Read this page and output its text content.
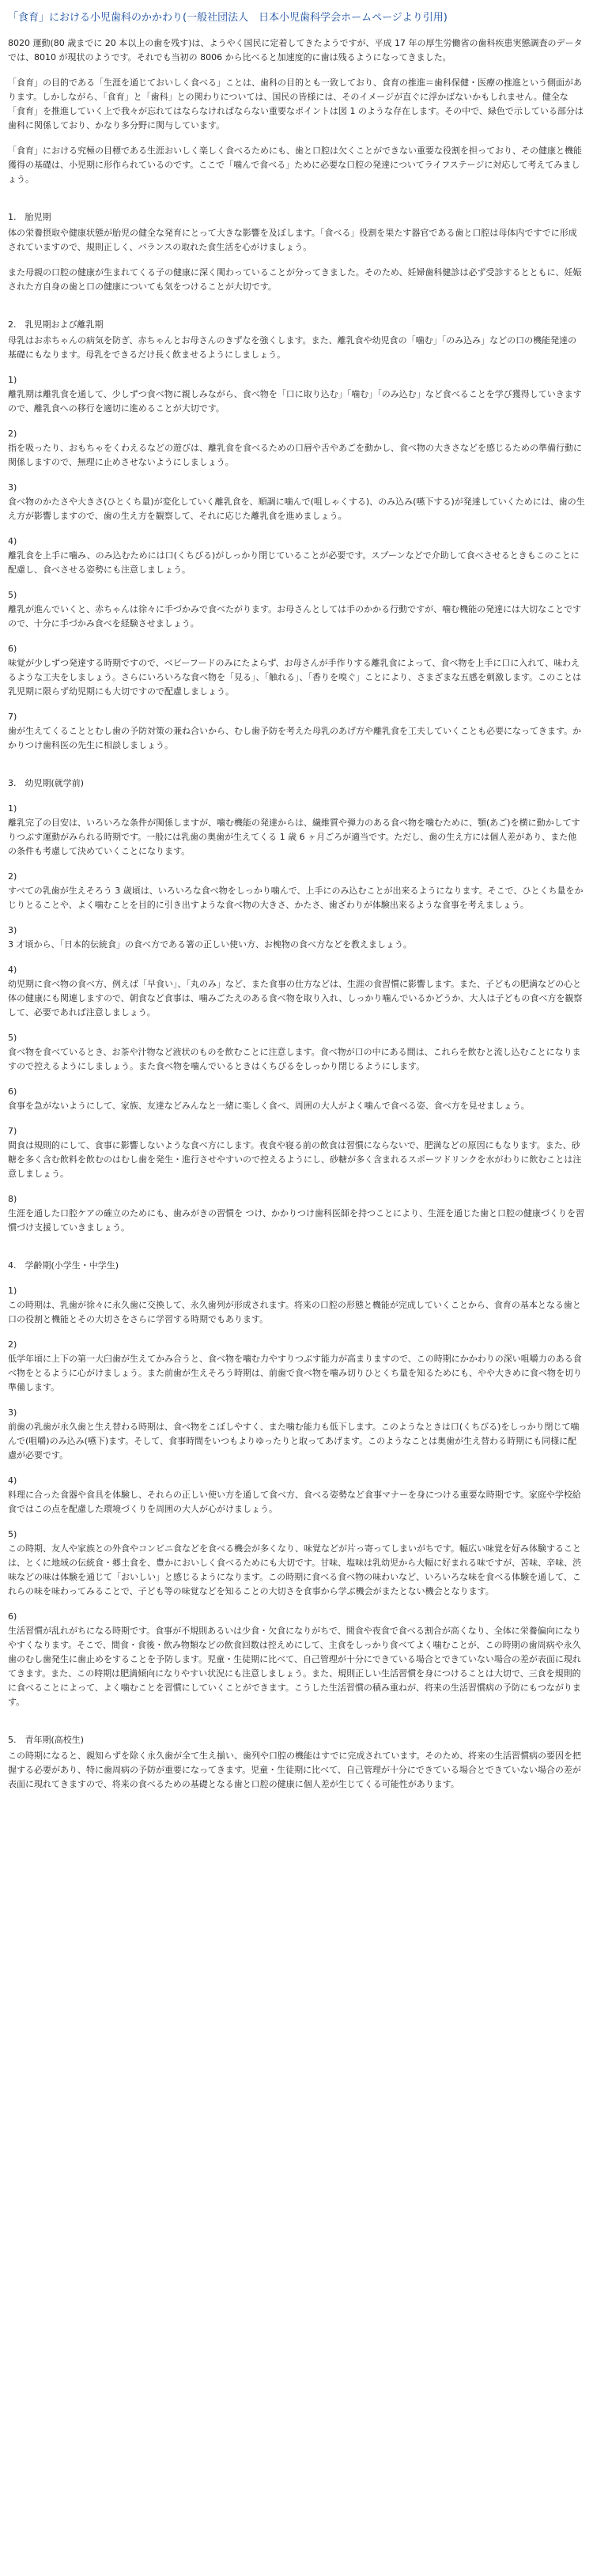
「食育」における小児歯科のかかわり(一般社団法人　日本小児歯科学会ホームページより引用)

8020 運動(80 歳までに 20 本以上の歯を残す)は、ようやく国民に定着してきたようですが、平成 17 年の厚生労働省の歯科疾患実態調査のデータでは、8010 が現状のようです。それでも当初の 8006 から比べると加速度的に歯は残るようになってきました。

「食育」の目的である「生涯を通じておいしく食べる」ことは、歯科の目的とも一致しており、食育の推進＝歯科保健・医療の推進という側面があります。しかしながら、「食育」と「歯科」との関わりについては、国民の皆様には、そのイメージが直ぐに浮かばないかもしれません。健全な「食育」を推進していく上で我々が忘れてはならなければならない重要なポイントは図 1 のような存在します。その中で、緑色で示している部分は歯科に関係しており、かなり多分野に関与しています。

「食育」における究極の目標である生涯おいしく楽しく食べるためにも、歯と口腔は欠くことができない重要な役割を担っており、その健康と機能獲得の基礎は、小児期に形作られているのです。ここで「噛んで食べる」ために必要な口腔の発達についてライフステージに対応して考えてみましょう。

1.　胎児期

体の栄養摂取や健康状態が胎児の健全な発育にとって大きな影響を及ぼします。「食べる」役割を果たす器官である歯と口腔は母体内ですでに形成されていますので、規則正しく、バランスの取れた食生活を心がけましょう。

また母親の口腔の健康が生まれてくる子の健康に深く関わっていることが分ってきました。そのため、妊婦歯科健診は必ず受診するとともに、妊娠された方自身の歯と口の健康についても気をつけることが大切です。

2.　乳児期および離乳期

母乳はお赤ちゃんの病気を防ぎ、赤ちゃんとお母さんのきずなを強くします。また、離乳食や幼児食の「噛む」「のみ込み」などの口の機能発達の基礎にもなります。母乳をできるだけ長く飲ませるようにしましょう。

1)

離乳期は離乳食を通して、少しずつ食べ物に親しみながら、食べ物を「口に取り込む」「噛む」「のみ込む」など食べることを学び獲得していきますので、離乳食への移行を適切に進めることが大切です。

2)

指を吸ったり、おもちゃをくわえるなどの遊びは、離乳食を食べるための口唇や舌やあごを動かし、食べ物の大きさなどを感じるための準備行動に関係しますので、無理に止めさせないようにしましょう。

3)

食べ物のかたさや大きさ(ひとくち量)が変化していく離乳食を、順調に噛んで(咀しゃくする)、のみ込み(嚥下する)が発達していくためには、歯の生え方が影響しますので、歯の生え方を観察して、それに応じた離乳食を進めましょう。

4)

離乳食を上手に噛み、のみ込むためには口(くちびる)がしっかり閉じていることが必要です。スプーンなどで介助して食べさせるときもこのことに配慮し、食べさせる姿勢にも注意しましょう。

5)

離乳が進んでいくと、赤ちゃんは徐々に手づかみで食べたがります。お母さんとしては手のかかる行動ですが、噛む機能の発達には大切なことですので、十分に手づかみ食べを経験させましょう。

6)

味覚が少しずつ発達する時期ですので、ベビーフードのみにたよらず、お母さんが手作りする離乳食によって、食べ物を上手に口に入れて、味わえるような工夫をしましょう。さらにいろいろな食べ物を「見る」、「触れる」、「香りを嗅ぐ」ことにより、さまざまな五感を刺激します。このことは乳児期に限らず幼児期にも大切ですので配慮しましょう。

7)

歯が生えてくることとむし歯の予防対策の兼ね合いから、むし歯予防を考えた母乳のあげ方や離乳食を工夫していくことも必要になってきます。かかりつけ歯科医の先生に相談しましょう。

3.　幼児期(就学前)
1)

離乳完了の目安は、いろいろな条件が関係しますが、噛む機能の発達からは、繊維質や弾力のある食べ物を噛むために、顎(あご)を横に動かしてすりつぶす運動がみられる時期です。一般には乳歯の奥歯が生えてくる 1 歳 6 ヶ月ごろが適当です。ただし、歯の生え方には個人差があり、また他の条件も考慮して決めていくことになります。

2)

すべての乳歯が生えそろう 3 歳頃は、いろいろな食べ物をしっかり噛んで、上手にのみ込むことが出来るようになります。そこで、ひとくち量をかじりとることや、よく噛むことを目的に引き出すような食べ物の大きさ、かたさ、歯ざわりが体験出来るような食事を考えましょう。

3)

3 才頃から、「日本的伝統食」の食べ方である箸の正しい使い方、お椀物の食べ方などを教えましょう。

4)

幼児期に食べ物の食べ方、例えば「早食い」、「丸のみ」など、また食事の仕方などは、生涯の食習慣に影響します。また、子どもの肥満などの心と体の健康にも関連しますので、朝食など食事は、噛みごたえのある食べ物を取り入れ、しっかり噛んでいるかどうか、大人は子どもの食べ方を観察して、必要であれば注意しましょう。

5)

食べ物を食べているとき、お茶や汁物など液状のものを飲むことに注意します。食べ物が口の中にある間は、これらを飲むと流し込むことになりますので控えるようにしましょう。また食べ物を噛んでいるときはくちびるをしっかり閉じるようにします。

6)

食事を急がないようにして、家族、友達などみんなと一緒に楽しく食べ、周囲の大人がよく噛んで食べる姿、食べ方を見せましょう。

7)

間食は規則的にして、食事に影響しないような食べ方にします。夜食や寝る前の飲食は習慣にならないで、肥満などの原因にもなります。また、砂糖を多く含む飲料を飲むのはむし歯を発生・進行させやすいので控えるようにし、砂糖が多く含まれるスポーツドリンクを水がわりに飲むことは注意しましょう。

8)

生涯を通した口腔ケアの確立のためにも、歯みがきの習慣を つけ、かかりつけ歯科医師を持つことにより、生涯を通じた歯と口腔の健康づくりを習慣づけ支援していきましょう。

4.　学齢期(小学生・中学生)
1)

この時期は、乳歯が徐々に永久歯に交換して、永久歯列が形成されます。将来の口腔の形態と機能が完成していくことから、食育の基本となる歯と口の役割と機能とその大切さをさらに学習する時期でもあります。

2)

低学年頃に上下の第一大臼歯が生えてかみ合うと、食べ物を噛む力やすりつぶす能力が高まりますので、この時期にかかわりの深い咀嚼力のある食べ物をとるように心がけましょう。また前歯が生えそろう時期は、前歯で食べ物を噛み切りひとくち量を知るためにも、やや大きめに食べ物を切り準備します。

3)

前歯の乳歯が永久歯と生え替わる時期は、食べ物をこぼしやすく、また噛む能力も低下します。このようなときは口(くちびる)をしっかり閉じて噛んで(咀嚼)のみ込み(嚥下)ます。そして、食事時間をいつもよりゆったりと取ってあげます。このようなことは奥歯が生え替わる時期にも同様に配慮が必要です。

4)

料理に合った食器や食具を体験し、それらの正しい使い方を通して食べ方、食べる姿勢など食事マナーを身につける重要な時期です。家庭や学校給食ではこの点を配慮した環境づくりを周囲の大人が心がけましょう。

5)

この時期、友人や家族との外食やコンビニ食などを食べる機会が多くなり、味覚などが片っ寄ってしまいがちです。幅広い味覚を好み体験することは、とくに地域の伝統食・郷土食を、豊かにおいしく食べるためにも大切です。甘味、塩味は乳幼児から大幅に好まれる味ですが、苦味、辛味、渋味などの味は体験を通じて「おいしい」と感じるようになります。この時期に食べる食べ物の味わいなど、いろいろな味を食べる体験を通して、これらの味を味わってみることで、子ども等の味覚などを知ることの大切さを食事から学ぶ機会がまたとない機会となります。

6)

生活習慣が乱れがちになる時期です。食事が不規則あるいは少食・欠食になりがちで、間食や夜食で食べる割合が高くなり、全体に栄養偏向になりやすくなります。そこで、間食・食後・飲み物類などの飲食回数は控えめにして、主食をしっかり食べてよく噛むことが、この時期の歯周病や永久歯のむし歯発生に歯止めをすることを予防します。児童・生徒期に比べて、自己管理が十分にできている場合とできていない場合の差が表面に現れてきます。また、この時期は肥満傾向になりやすい状況にも注意しましょう。また、規則正しい生活習慣を身につけることは大切で、三食を規則的に食べることによって、よく噛むことを習慣にしていくことができます。こうした生活習慣の積み重ねが、将来の生活習慣病の予防にもつながります。

5.　青年期(高校生)

この時期になると、親知らずを除く永久歯が全て生え揃い、歯列や口腔の機能はすでに完成されています。そのため、将来の生活習慣病の要因を把握する必要があり、特に歯周病の予防が重要になってきます。児童・生徒期に比べて、自己管理が十分にできている場合とできていない場合の差が表面に現れてきますので、将来の食べるための基礎となる歯と口腔の健康に個人差が生じてくる可能性があります。
